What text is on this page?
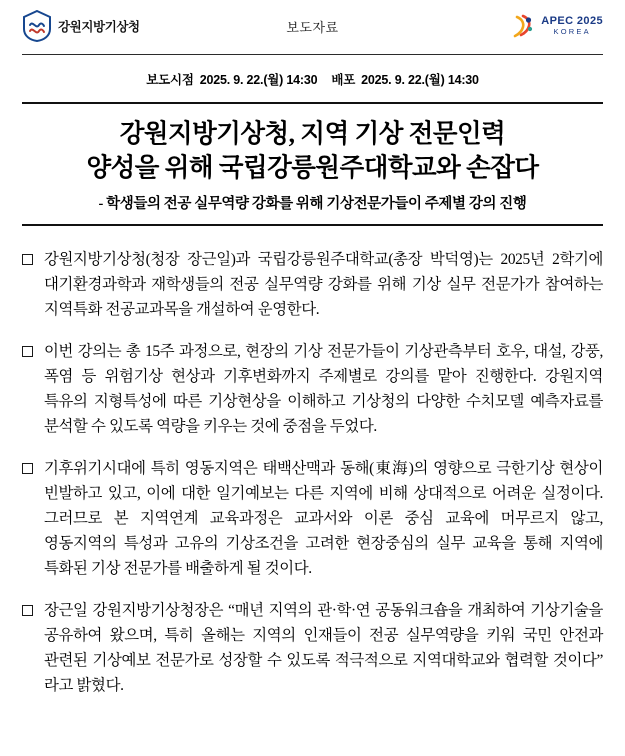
강원지방기상청	보도자료	APEC 2025
KOREA
보도시점 2025. 9. 22.(월) 14:30 배포 2025. 9. 22.(월) 14:30
강원지방기상청, 지역 기상 전문인력
양성을 위해 국립강릉원주대학교와 손잡다
- 학생들의 전공 실무역량 강화를 위해 기상전문가들이 주제별 강의 진행
강원지방기상청(청장 장근일)과 국립강릉원주대학교(총장 박덕영)는 2025년 2학기에 대기환경과학과 재학생들의 전공 실무역량 강화를 위해 기상 실무 전문가가 참여하는 지역특화 전공교과목을 개설하여 운영한다.
이번 강의는 총 15주 과정으로, 현장의 기상 전문가들이 기상관측부터 호우, 대설, 강풍, 폭염 등 위험기상 현상과 기후변화까지 주제별로 강의를 맡아 진행한다. 강원지역 특유의 지형특성에 따른 기상현상을 이해하고 기상청의 다양한 수치모델 예측자료를 분석할 수 있도록 역량을 키우는 것에 중점을 두었다.
기후위기시대에 특히 영동지역은 태백산맥과 동해(東海)의 영향으로 극한기상 현상이 빈발하고 있고, 이에 대한 일기예보는 다른 지역에 비해 상대적으로 어려운 실정이다. 그러므로 본 지역연계 교육과정은 교과서와 이론 중심 교육에 머무르지 않고, 영동지역의 특성과 고유의 기상조건을 고려한 현장중심의 실무 교육을 통해 지역에 특화된 기상 전문가를 배출하게 될 것이다.
장근일 강원지방기상청장은 “매년 지역의 관·학·연 공동워크숍을 개최하여 기상기술을 공유하여 왔으며, 특히 올해는 지역의 인재들이 전공 실무역량을 키워 국민 안전과 관련된 기상예보 전문가로 성장할 수 있도록 적극적으로 지역대학교와 협력할 것이다” 라고 밝혔다.
